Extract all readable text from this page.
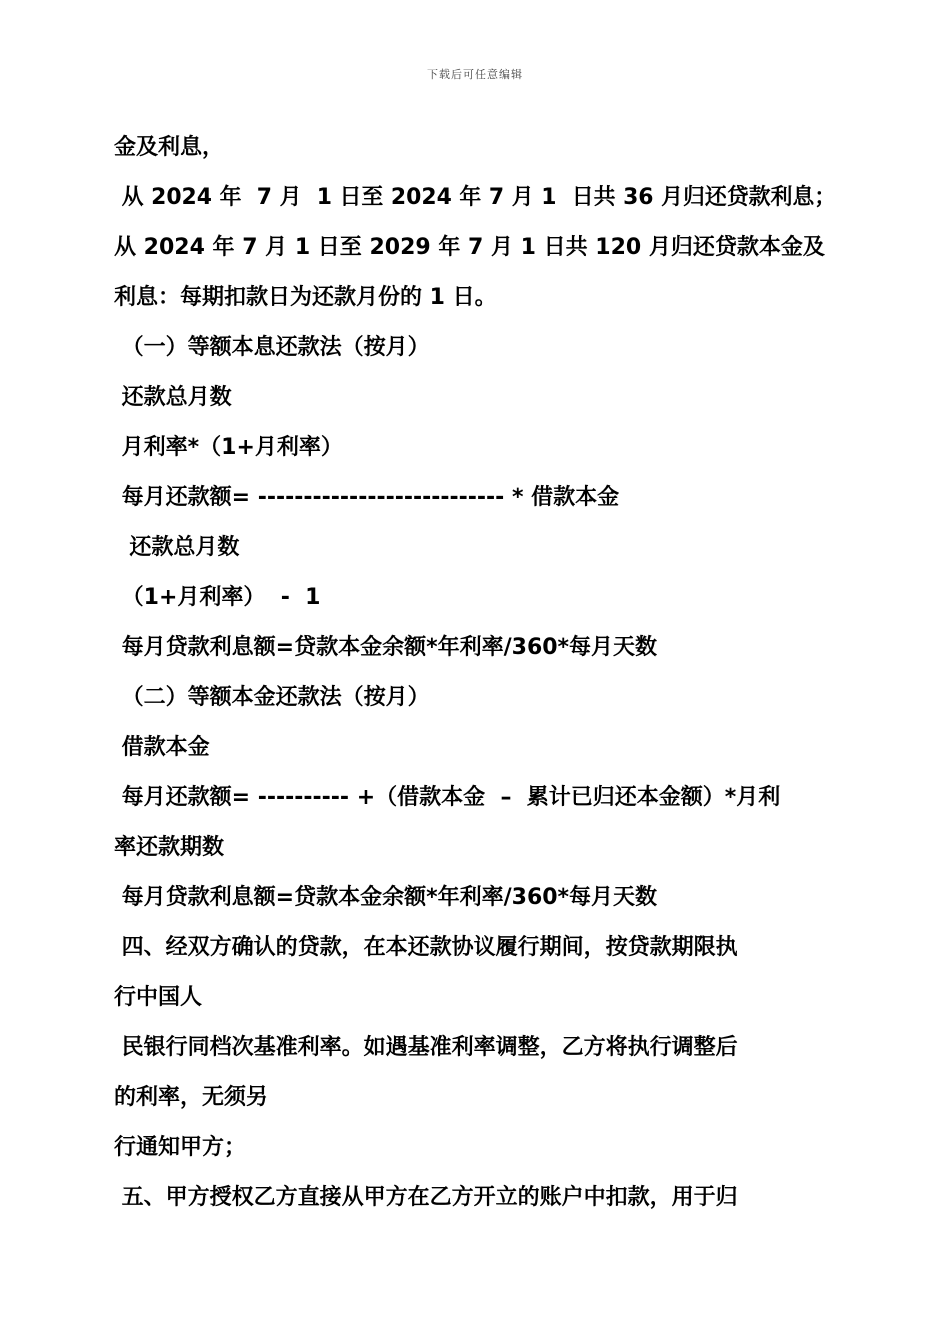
下载后可任意编辑
金及利息，
从 2024 年  7 月  1 日至 2024 年 7 月 1  日共 36 月归还贷款利息；
从 2024 年 7 月 1 日至 2029 年 7 月 1 日共 120 月归还贷款本金及
利息：每期扣款日为还款月份的 1 日。
（一）等额本息还款法（按月）
还款总月数
月利率*（1+月利率）
每月还款额= --------------------------- * 借款本金
还款总月数
（1+月利率）  -  1
每月贷款利息额=贷款本金余额*年利率/360*每月天数
（二）等额本金还款法（按月）
借款本金
每月还款额= ---------- +（借款本金  –  累计已归还本金额）*月利
率还款期数
每月贷款利息额=贷款本金余额*年利率/360*每月天数
四、经双方确认的贷款，在本还款协议履行期间，按贷款期限执
行中国人
民银行同档次基准利率。如遇基准利率调整，乙方将执行调整后
的利率，无须另
行通知甲方；
五、甲方授权乙方直接从甲方在乙方开立的账户中扣款，用于归
